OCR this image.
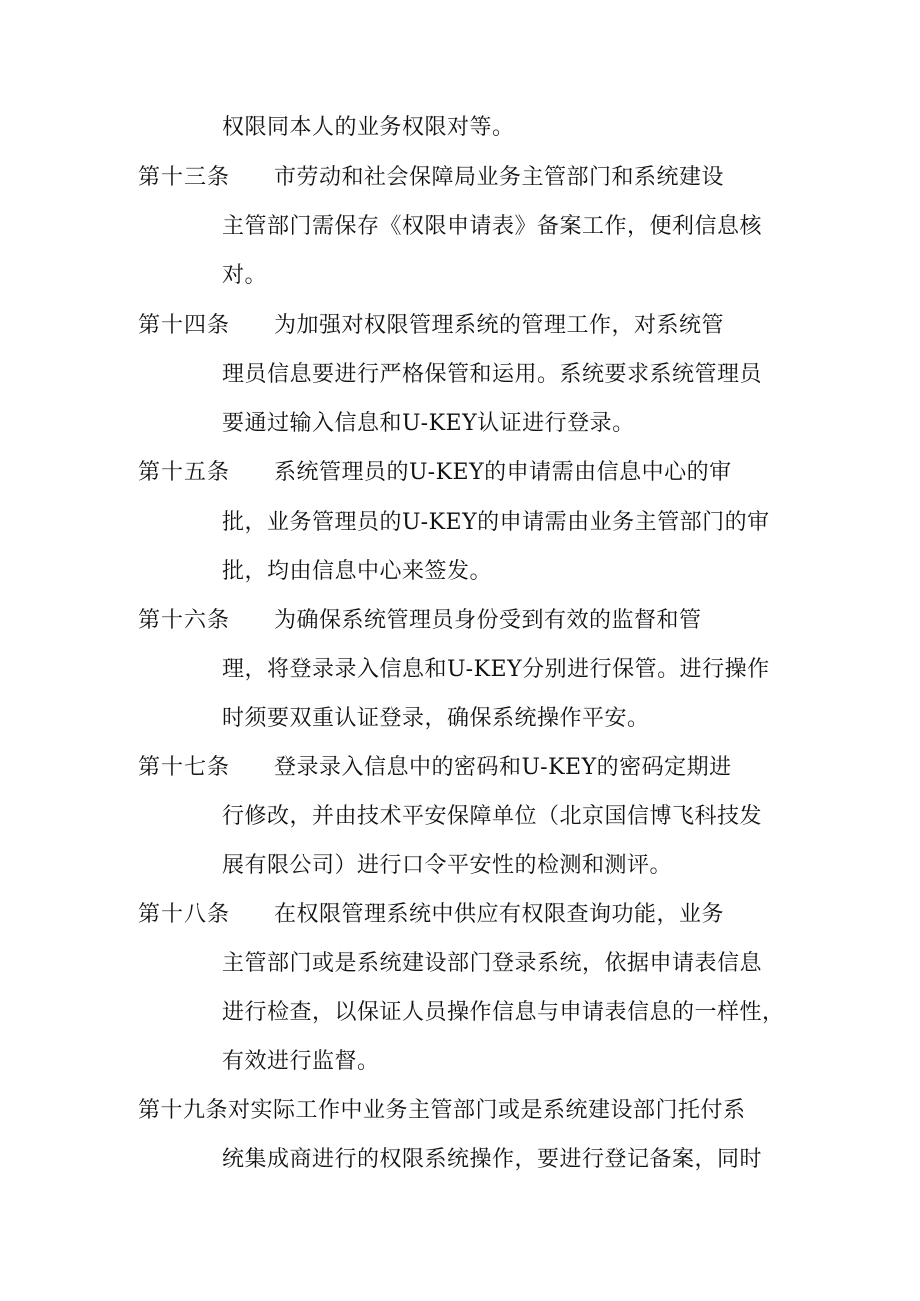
权限同本人的业务权限对等。
第十三条 市劳动和社会保障局业务主管部门和系统建设
主管部门需保存《权限申请表》备案工作，便利信息核
对。
第十四条 为加强对权限管理系统的管理工作，对系统管
理员信息要进行严格保管和运用。系统要求系统管理员
要通过输入信息和U-KEY认证进行登录。
第十五条 系统管理员的U-KEY的申请需由信息中心的审
批，业务管理员的U-KEY的申请需由业务主管部门的审
批，均由信息中心来签发。
第十六条 为确保系统管理员身份受到有效的监督和管
理，将登录录入信息和U-KEY分别进行保管。进行操作
时须要双重认证登录，确保系统操作平安。
第十七条 登录录入信息中的密码和U-KEY的密码定期进
行修改，并由技术平安保障单位（北京国信博飞科技发
展有限公司）进行口令平安性的检测和测评。
第十八条 在权限管理系统中供应有权限查询功能，业务
主管部门或是系统建设部门登录系统，依据申请表信息
进行检查，以保证人员操作信息与申请表信息的一样性，
有效进行监督。
第十九条对实际工作中业务主管部门或是系统建设部门托付系
统集成商进行的权限系统操作，要进行登记备案，同时
